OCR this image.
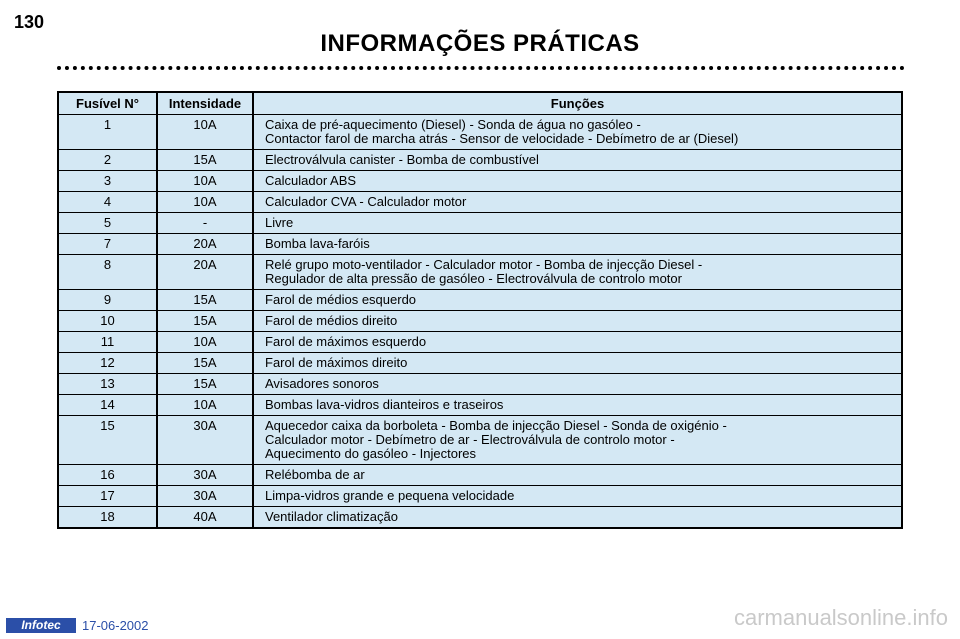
130
INFORMAÇÕES PRÁTICAS
Fusível N°	Intensidade	Funções
1	10A	Caixa de pré-aquecimento (Diesel) - Sonda de água no gasóleo -
Contactor farol de marcha atrás - Sensor de velocidade - Debímetro de ar (Diesel)

2	15A	Electroválvula canister - Bomba de combustível

3	10A	Calculador ABS

4	10A	Calculador CVA - Calculador motor

5	-	Livre

7	20A	Bomba lava-faróis

8	20A	Relé grupo moto-ventilador - Calculador motor - Bomba de injecção Diesel -
Regulador de alta pressão de gasóleo - Electroválvula de controlo motor

9	15A	Farol de médios esquerdo

10	15A	Farol de médios direito

11	10A	Farol de máximos esquerdo

12	15A	Farol de máximos direito

13	15A	Avisadores sonoros

14	10A	Bombas lava-vidros dianteiros e traseiros

15	30A	Aquecedor caixa da borboleta - Bomba de injecção Diesel - Sonda de oxigénio -
Calculador motor - Debímetro de ar - Electroválvula de controlo motor -
Aquecimento do gasóleo - Injectores

16	30A	Relébomba de ar

17	30A	Limpa-vidros grande e pequena velocidade

18	40A	Ventilador climatização
Infotec	17-06-2002	carmanualsonline.info
